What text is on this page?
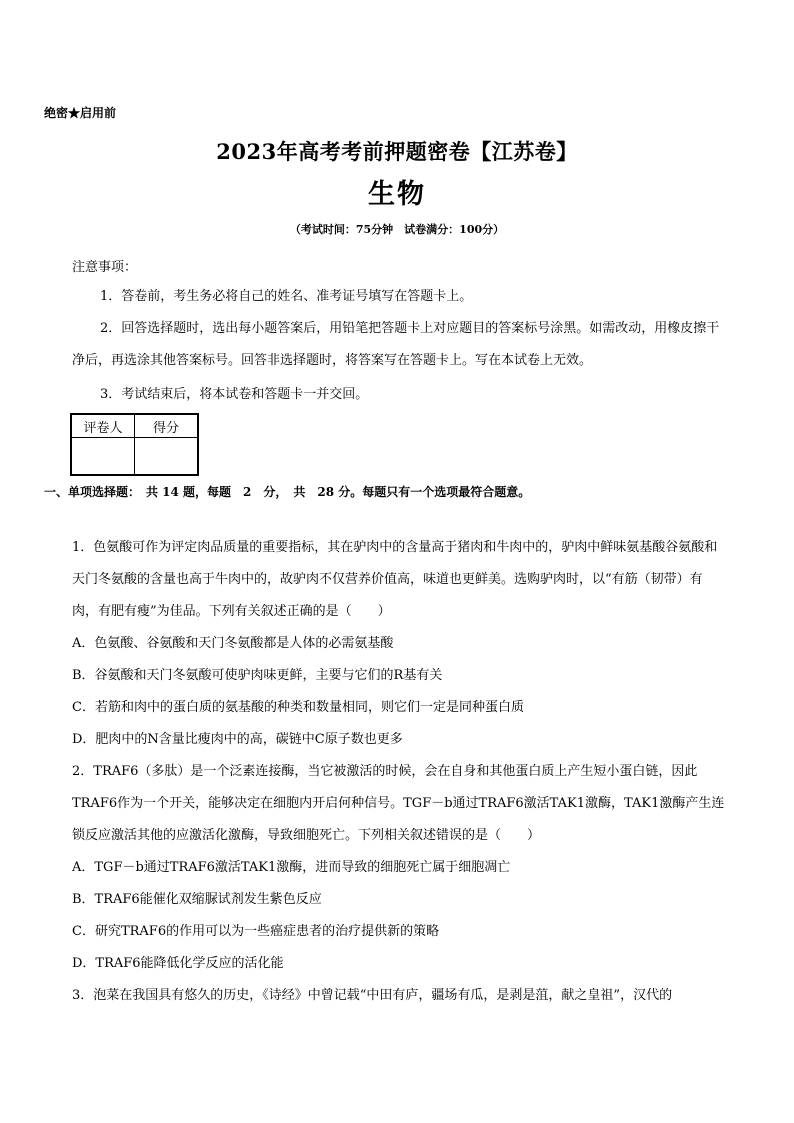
绝密★启用前
2023年高考考前押题密卷【江苏卷】
生物
（考试时间：75分钟　试卷满分：100分）
注意事项：
1．答卷前，考生务必将自己的姓名、准考证号填写在答题卡上。
2．回答选择题时，选出每小题答案后，用铅笔把答题卡上对应题目的答案标号涂黑。如需改动，用橡皮擦干净后，再选涂其他答案标号。回答非选择题时，将答案写在答题卡上。写在本试卷上无效。
3．考试结束后，将本试卷和答题卡一并交回。
评卷人	得分

一、单项选择题：　共 14 题，每题　2　分，　共　28 分。每题只有一个选项最符合题意。
1．色氨酸可作为评定肉品质量的重要指标，其在驴肉中的含量高于猪肉和牛肉中的，驴肉中鲜味氨基酸谷氨酸和天门冬氨酸的含量也高于牛肉中的，故驴肉不仅营养价值高，味道也更鲜美。选购驴肉时，以“有筋（韧带）有肉，有肥有瘦”为佳品。下列有关叙述正确的是（　　）
A．色氨酸、谷氨酸和天门冬氨酸都是人体的必需氨基酸
B．谷氨酸和天门冬氨酸可使驴肉味更鲜，主要与它们的R基有关
C．若筋和肉中的蛋白质的氨基酸的种类和数量相同，则它们一定是同种蛋白质
D．肥肉中的N含量比瘦肉中的高，碳链中C原子数也更多
2．TRAF6（多肽）是一个泛素连接酶，当它被激活的时候，会在自身和其他蛋白质上产生短小蛋白链，因此TRAF6作为一个开关，能够决定在细胞内开启何种信号。TGF－b通过TRAF6激活TAK1激酶，TAK1激酶产生连锁反应激活其他的应激活化激酶，导致细胞死亡。下列相关叙述错误的是（　　）
A．TGF－b通过TRAF6激活TAK1激酶，进而导致的细胞死亡属于细胞凋亡
B．TRAF6能催化双缩脲试剂发生紫色反应
C．研究TRAF6的作用可以为一些癌症患者的治疗提供新的策略
D．TRAF6能降低化学反应的活化能
3．泡菜在我国具有悠久的历史，《诗经》中曾记载“中田有庐，疆场有瓜，是剥是菹，献之皇祖”，汉代的
